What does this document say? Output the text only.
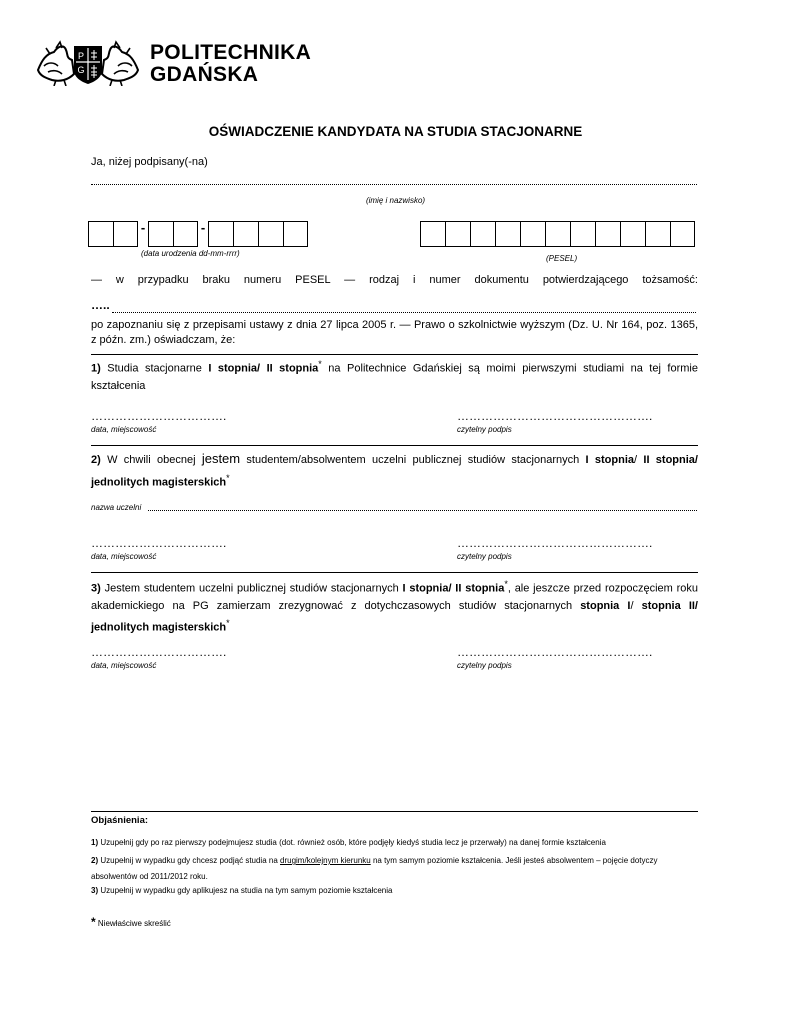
P
G
POLITECHNIKA
GDAŃSKA
OŚWIADCZENIE KANDYDATA NA STUDIA STACJONARNE
Ja, niżej podpisany(-na)
(imię i nazwisko)
-	-
(data urodzenia dd-mm-rrrr)
(PESEL)
— w przypadku braku numeru PESEL — rodzaj i numer dokumentu potwierdzającego tożsamość:
…..
po zapoznaniu się z przepisami ustawy z dnia 27 lipca 2005 r. — Prawo o szkolnictwie wyższym (Dz. U. Nr 164, poz. 1365, z późn. zm.) oświadczam, że:
1) Studia stacjonarne I stopnia/ II stopnia* na Politechnice Gdańskiej są moimi pierwszymi studiami na tej formie kształcenia
…………………………….
data, miejscowość
………………………………………….
czytelny podpis
2) W chwili obecnej jestem studentem/absolwentem uczelni publicznej studiów stacjonarnych I stopnia/ II stopnia/ jednolitych magisterskich*
nazwa uczelni
…………………………….
data, miejscowość
………………………………………….
czytelny podpis
3) Jestem studentem uczelni publicznej studiów stacjonarnych I stopnia/ II stopnia*, ale jeszcze przed rozpoczęciem roku akademickiego na PG zamierzam zrezygnować z dotychczasowych studiów stacjonarnych stopnia I/ stopnia II/ jednolitych magisterskich*
…………………………….
data, miejscowość
………………………………………….
czytelny podpis
Objaśnienia:
1) Uzupełnij gdy po raz pierwszy podejmujesz studia (dot. również osób, które podjęły kiedyś studia lecz je przerwały) na danej formie kształcenia
2) Uzupełnij w wypadku gdy chcesz podjąć studia na drugim/kolejnym kierunku na tym samym poziomie kształcenia. Jeśli jesteś absolwentem – pojęcie dotyczy absolwentów od 2011/2012 roku.
3) Uzupełnij w wypadku gdy aplikujesz na studia na tym samym poziomie kształcenia
* Niewłaściwe skreślić
